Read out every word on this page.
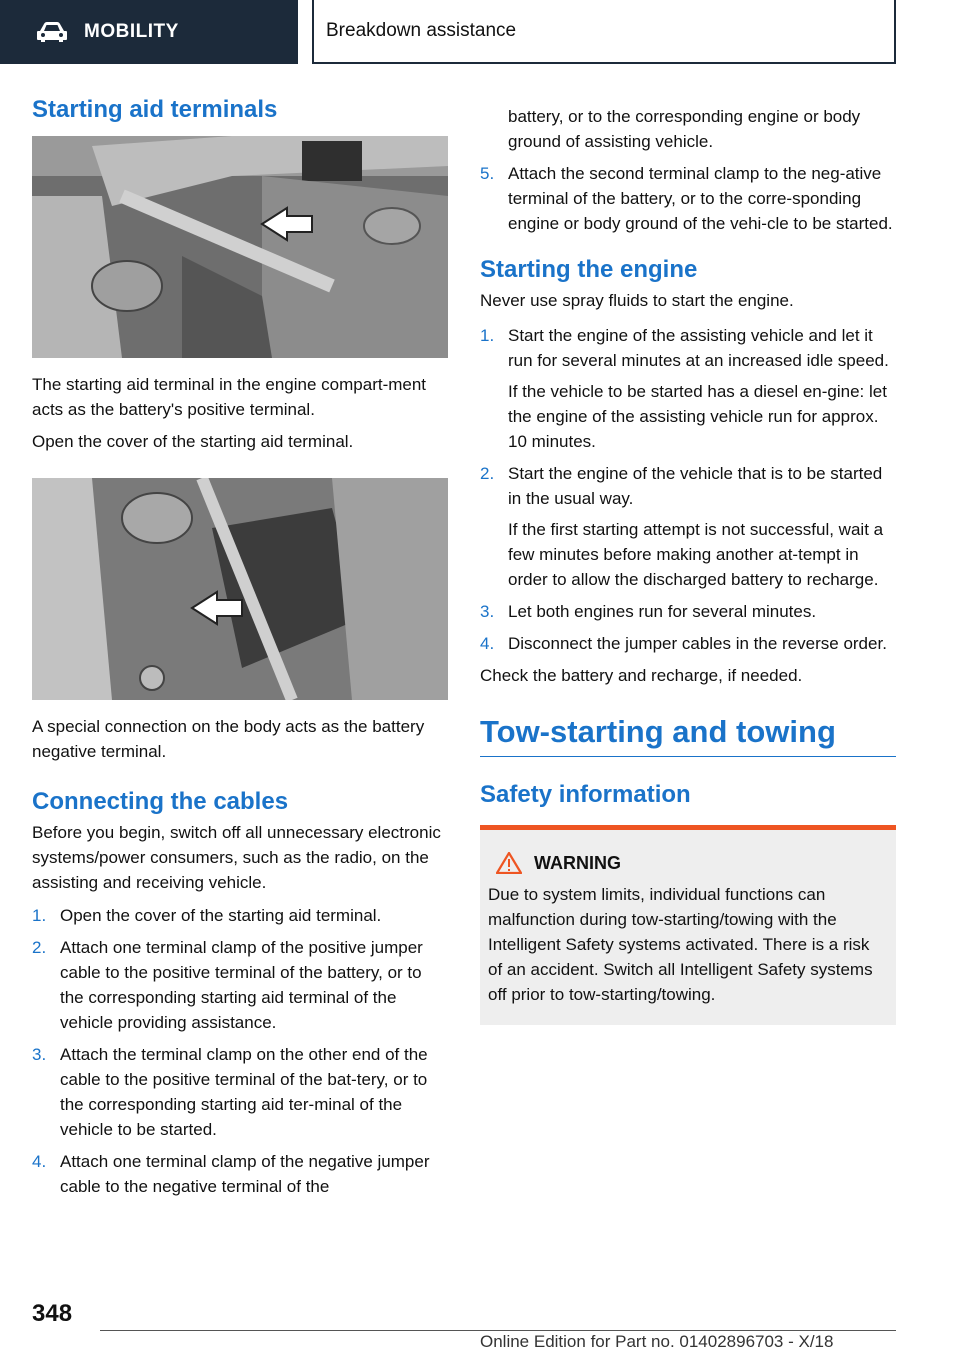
MOBILITY	Breakdown assistance
Starting aid terminals

The starting aid terminal in the engine compart-ment acts as the battery's positive terminal.

Open the cover of the starting aid terminal.

A special connection on the body acts as the battery negative terminal.

Connecting the cables

Before you begin, switch off all unnecessary electronic systems/power consumers, such as the radio, on the assisting and receiving vehicle.

1. Open the cover of the starting aid terminal.
2. Attach one terminal clamp of the positive jumper cable to the positive terminal of the battery, or to the corresponding starting aid terminal of the vehicle providing assistance.
3. Attach the terminal clamp on the other end of the cable to the positive terminal of the bat-tery, or to the corresponding starting aid ter-minal of the vehicle to be started.
4. Attach one terminal clamp of the negative jumper cable to the negative terminal of the
battery, or to the corresponding engine or body ground of assisting vehicle.
5. Attach the second terminal clamp to the neg-ative terminal of the battery, or to the corre-sponding engine or body ground of the vehi-cle to be started.
Starting the engine

Never use spray fluids to start the engine.

1. Start the engine of the assisting vehicle and let it run for several minutes at an increased idle speed.

If the vehicle to be started has a diesel en-gine: let the engine of the assisting vehicle run for approx. 10 minutes.

2. Start the engine of the vehicle that is to be started in the usual way.

If the first starting attempt is not successful, wait a few minutes before making another at-tempt in order to allow the discharged battery to recharge.

3. Let both engines run for several minutes.
4. Disconnect the jumper cables in the reverse order.

Check the battery and recharge, if needed.

Tow-starting and towing
Safety information
WARNING

Due to system limits, individual functions can malfunction during tow-starting/towing with the Intelligent Safety systems activated. There is a risk of an accident. Switch all Intelligent Safety systems off prior to tow-starting/towing.

348
Online Edition for Part no. 01402896703 - X/18
